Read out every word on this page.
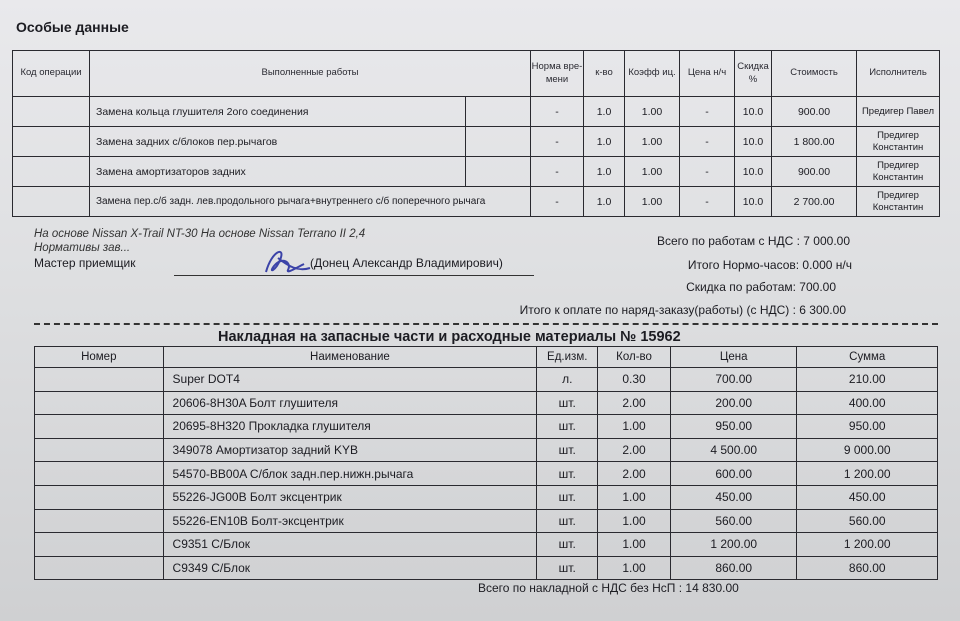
Особые данные
Код операции	Выполненные работы		Норма вре-мени	к-во	Коэфф иц.	Цена н/ч	Скидка %	Стоимость	Исполнитель
	Замена кольца глушителя 2ого соединения		-	1.0	1.00	-	10.0	900.00	Предигер Павел
	Замена задних с/блоков пер.рычагов		-	1.0	1.00	-	10.0	1 800.00	Предигер Константин
	Замена амортизаторов задних		-	1.0	1.00	-	10.0	900.00	Предигер Константин
	Замена пер.с/б задн. лев.продольного рычага+внутреннего с/б поперечного рычага		-	1.0	1.00	-	10.0	2 700.00	Предигер Константин
На основе Nissan X-Trail NT-30 На основе Nissan Terrano II 2,4
Нормативы зав...
Мастер приемщик	(Донец Александр Владимирович)
Всего по работам с НДС : 7 000.00
Итого Нормо-часов: 0.000 н/ч
Скидка по работам: 700.00
Итого к оплате по наряд-заказу(работы) (с НДС) : 6 300.00
Накладная на запасные части и расходные материалы № 15962
Номер	Наименование	Ед.изм.	Кол-во	Цена	Сумма
	Super DOT4	л.	0.30	700.00	210.00
	20606-8H30A Болт глушителя	шт.	2.00	200.00	400.00
	20695-8H320 Прокладка глушителя	шт.	1.00	950.00	950.00
	349078 Амортизатор задний KYB	шт.	2.00	4 500.00	9 000.00
	54570-BB00A С/блок задн.пер.нижн.рычага	шт.	2.00	600.00	1 200.00
	55226-JG00B Болт эксцентрик	шт.	1.00	450.00	450.00
	55226-EN10B Болт-эксцентрик	шт.	1.00	560.00	560.00
	C9351 С/Блок	шт.	1.00	1 200.00	1 200.00
	C9349 С/Блок	шт.	1.00	860.00	860.00
Всего по накладной с НДС без НсП : 14 830.00
